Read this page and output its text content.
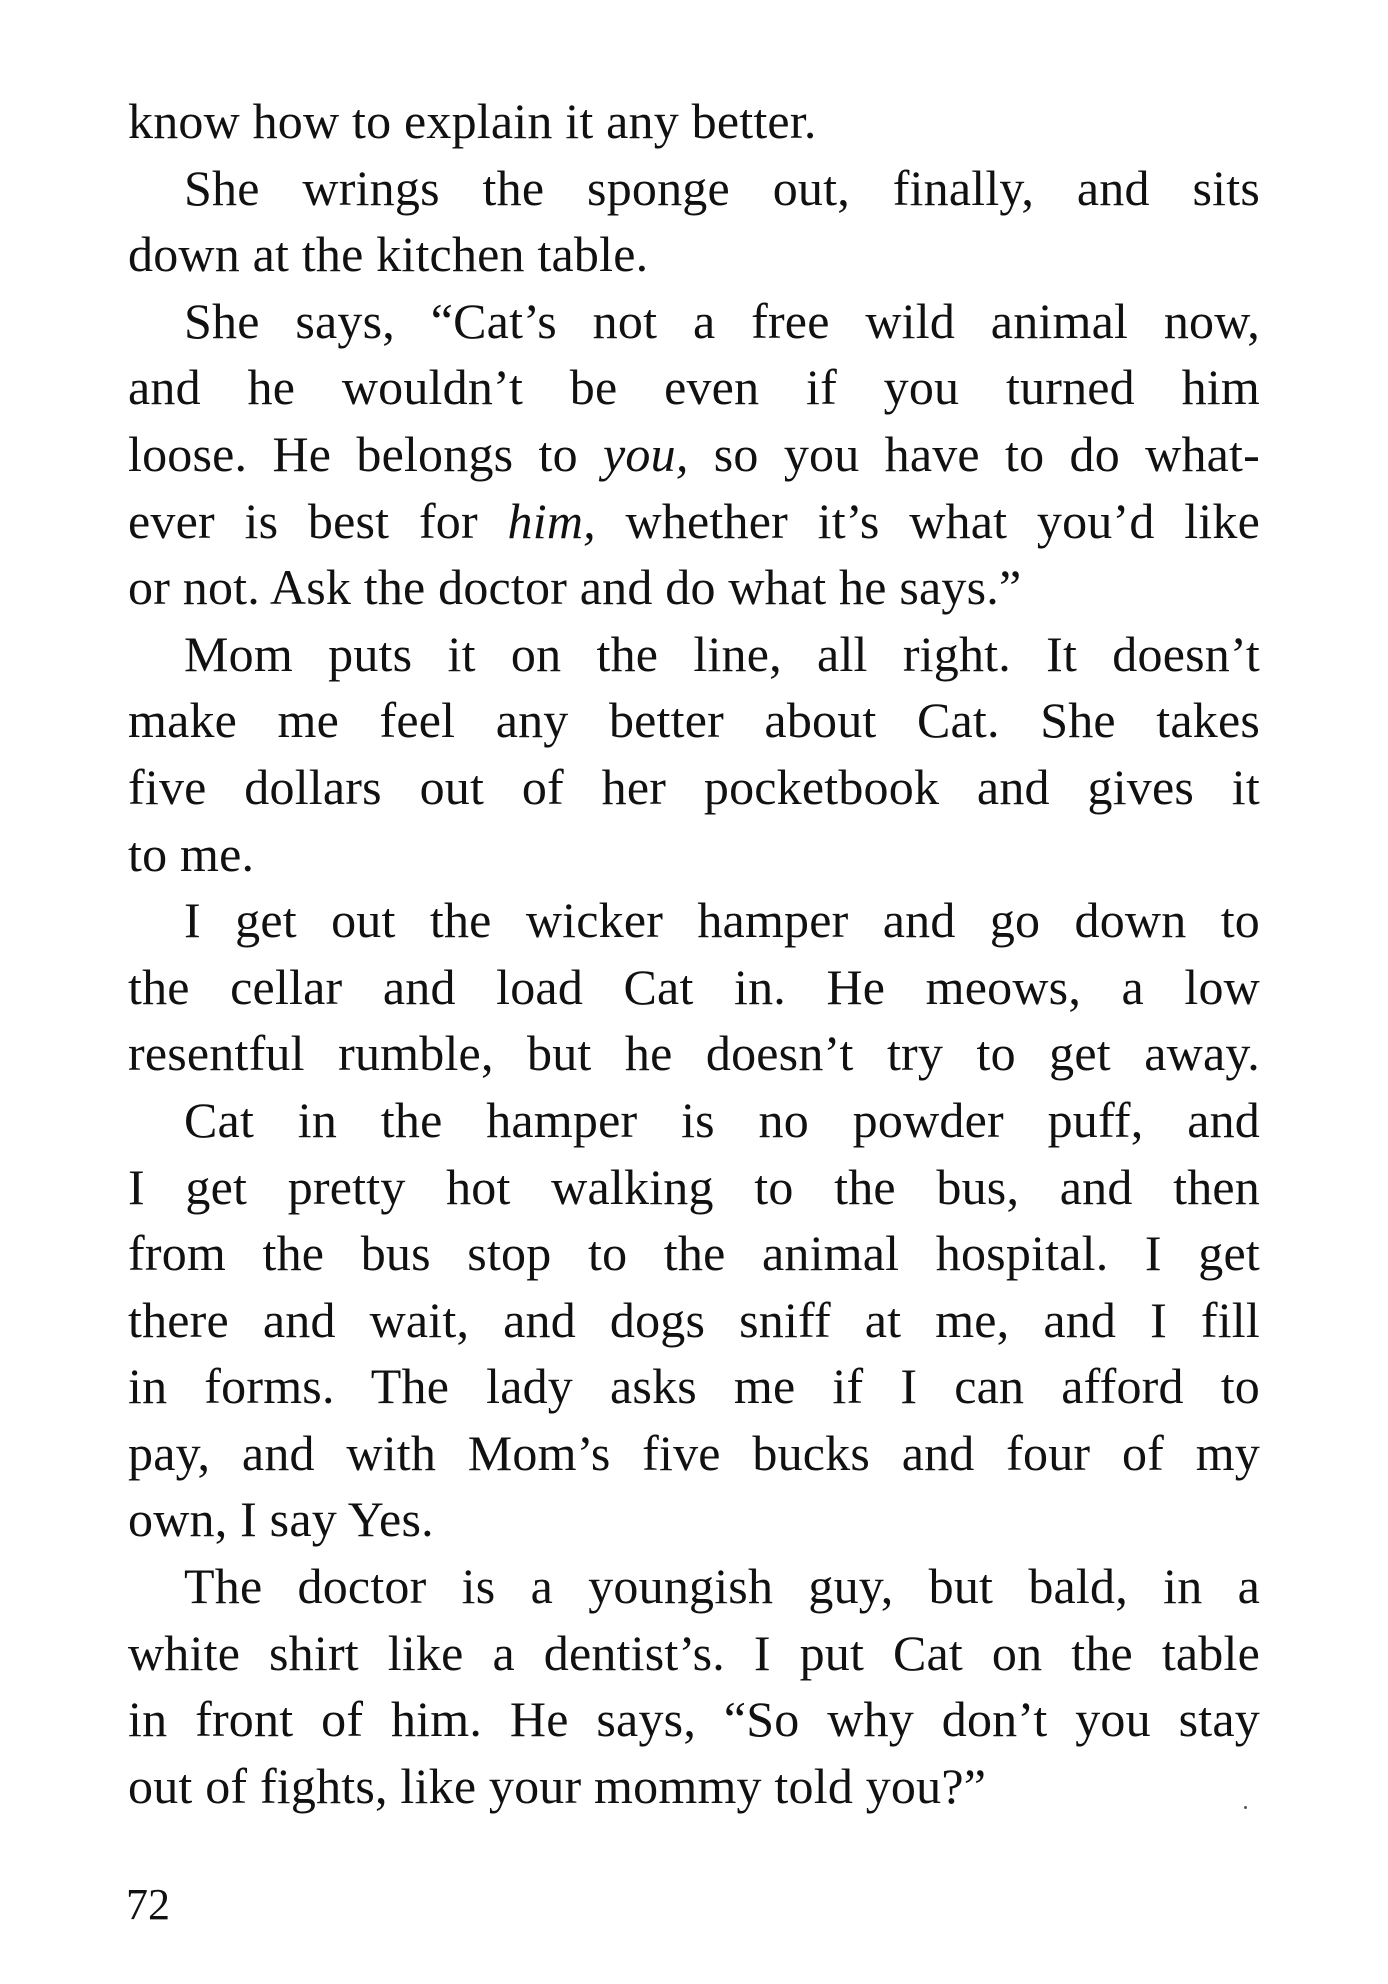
know how to explain it any better.
She wrings the sponge out, finally, and sits
down at the kitchen table.
She says, “Cat’s not a free wild animal now,
and he wouldn’t be even if you turned him
loose. He belongs to you, so you have to do what-
ever is best for him, whether it’s what you’d like
or not. Ask the doctor and do what he says.”
Mom puts it on the line, all right. It doesn’t
make me feel any better about Cat. She takes
five dollars out of her pocketbook and gives it
to me.
I get out the wicker hamper and go down to
the cellar and load Cat in. He meows, a low
resentful rumble, but he doesn’t try to get away.
Cat in the hamper is no powder puff, and
I get pretty hot walking to the bus, and then
from the bus stop to the animal hospital. I get
there and wait, and dogs sniff at me, and I fill
in forms. The lady asks me if I can afford to
pay, and with Mom’s five bucks and four of my
own, I say Yes.
The doctor is a youngish guy, but bald, in a
white shirt like a dentist’s. I put Cat on the table
in front of him. He says, “So why don’t you stay
out of fights, like your mommy told you?”
72
